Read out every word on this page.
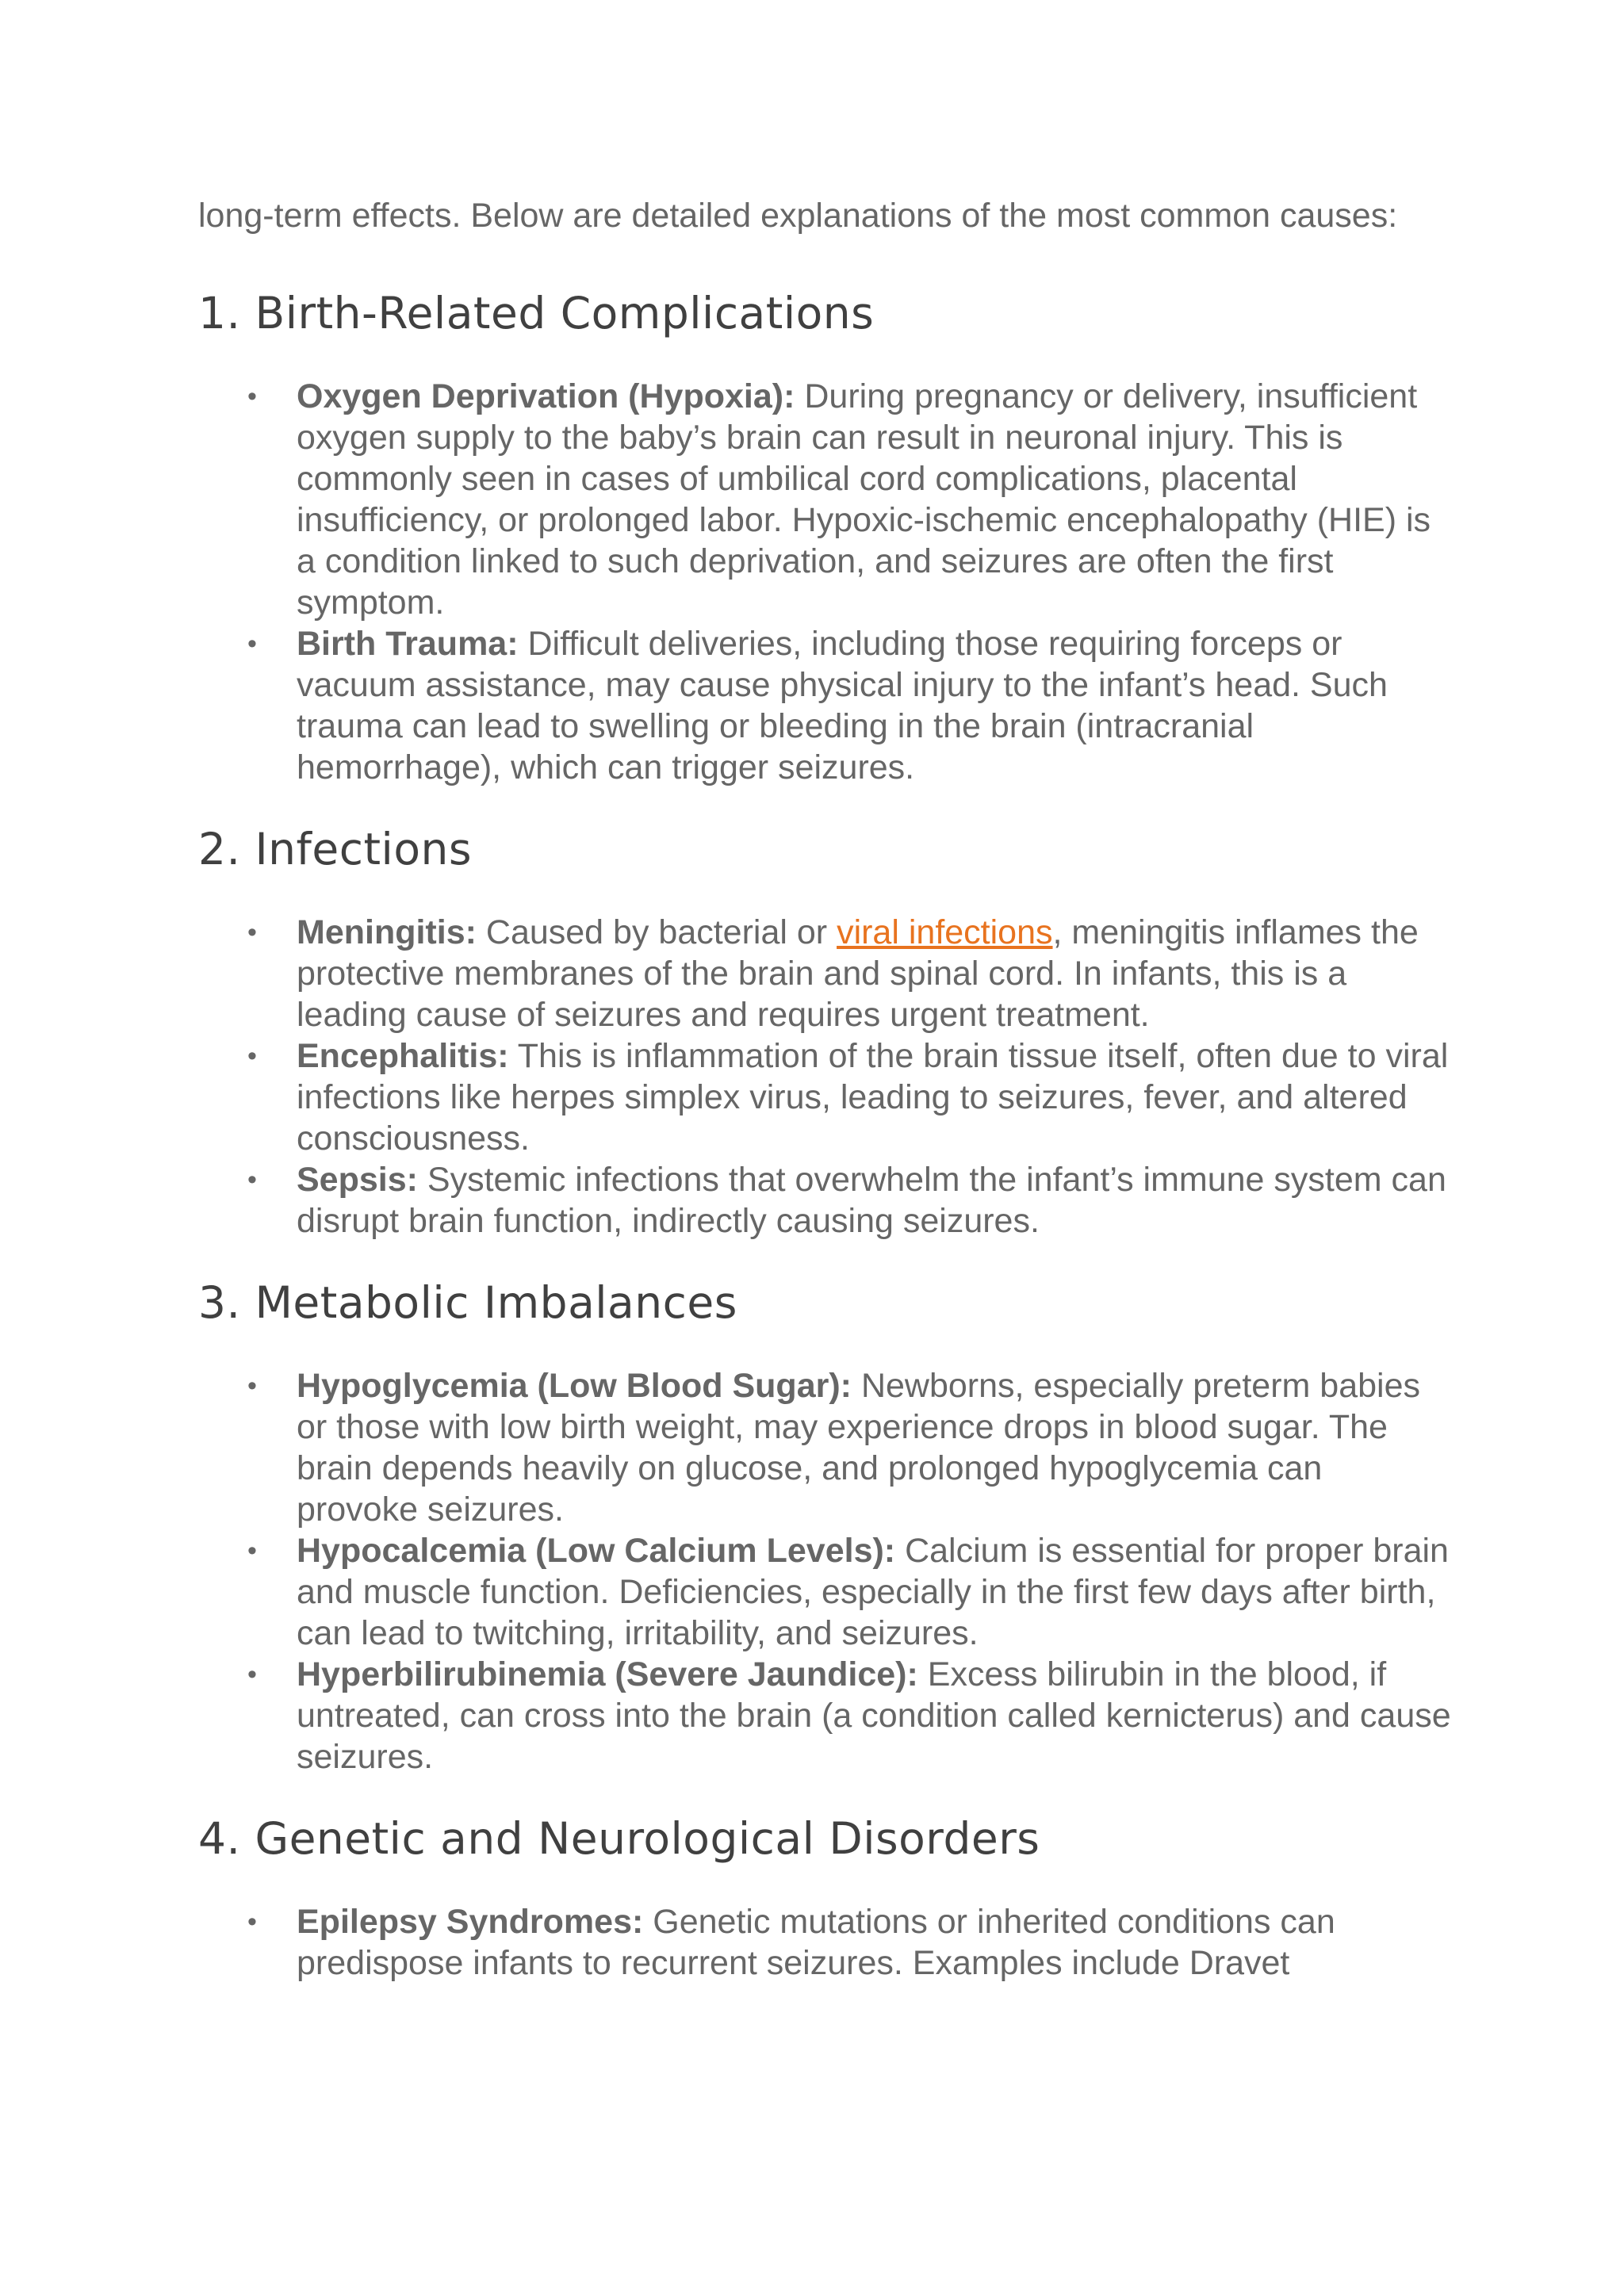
long-term effects. Below are detailed explanations of the most common causes:

1. Birth-Related Complications
• Oxygen Deprivation (Hypoxia): During pregnancy or delivery, insufficient oxygen supply to the baby’s brain can result in neuronal injury. This is commonly seen in cases of umbilical cord complications, placental insufficiency, or prolonged labor. Hypoxic-ischemic encephalopathy (HIE) is a condition linked to such deprivation, and seizures are often the first symptom.
• Birth Trauma: Difficult deliveries, including those requiring forceps or vacuum assistance, may cause physical injury to the infant’s head. Such trauma can lead to swelling or bleeding in the brain (intracranial hemorrhage), which can trigger seizures.
2. Infections
• Meningitis: Caused by bacterial or viral infections, meningitis inflames the protective membranes of the brain and spinal cord. In infants, this is a leading cause of seizures and requires urgent treatment.
• Encephalitis: This is inflammation of the brain tissue itself, often due to viral infections like herpes simplex virus, leading to seizures, fever, and altered consciousness.
• Sepsis: Systemic infections that overwhelm the infant’s immune system can disrupt brain function, indirectly causing seizures.
3. Metabolic Imbalances
• Hypoglycemia (Low Blood Sugar): Newborns, especially preterm babies or those with low birth weight, may experience drops in blood sugar. The brain depends heavily on glucose, and prolonged hypoglycemia can provoke seizures.
• Hypocalcemia (Low Calcium Levels): Calcium is essential for proper brain and muscle function. Deficiencies, especially in the first few days after birth, can lead to twitching, irritability, and seizures.
• Hyperbilirubinemia (Severe Jaundice): Excess bilirubin in the blood, if untreated, can cross into the brain (a condition called kernicterus) and cause seizures.
4. Genetic and Neurological Disorders
• Epilepsy Syndromes: Genetic mutations or inherited conditions can predispose infants to recurrent seizures. Examples include Dravet
